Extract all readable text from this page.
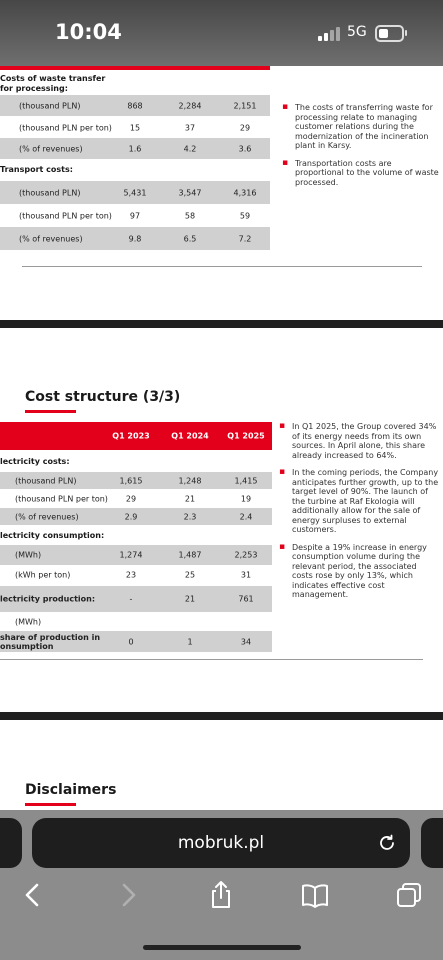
10:04	5G
Costs of waste transfer for processing:
(thousand PLN)	868	2,284	2,151
(thousand PLN per ton)	15	37	29
(% of revenues)	1.6	4.2	3.6
Transport costs:
(thousand PLN)	5,431	3,547	4,316
(thousand PLN per ton)	97	58	59
(% of revenues)	9.8	6.5	7.2
▪ The costs of transferring waste for processing relate to managing customer relations during the modernization of the incineration plant in Karsy.
▪ Transportation costs are proportional to the volume of waste processed.
Cost structure (3/3)
Q1 2023	Q1 2024	Q1 2025
lectricity costs:
(thousand PLN)	1,615	1,248	1,415
(thousand PLN per ton)	29	21	19
(% of revenues)	2.9	2.3	2.4
lectricity consumption:
(MWh)	1,274	1,487	2,253
(kWh per ton)	23	25	31
lectricity production:	-	21	761
(MWh)
share of production in
onsumption	0	1	34
▪ In Q1 2025, the Group covered 34% of its energy needs from its own sources. In April alone, this share already increased to 64%.
▪ In the coming periods, the Company anticipates further growth, up to the target level of 90%. The launch of the turbine at Raf Ekologia will additionally allow for the sale of energy surpluses to external customers.
▪ Despite a 19% increase in energy consumption volume during the relevant period, the associated costs rose by only 13%, which indicates effective cost management.
Disclaimers
mobruk.pl
